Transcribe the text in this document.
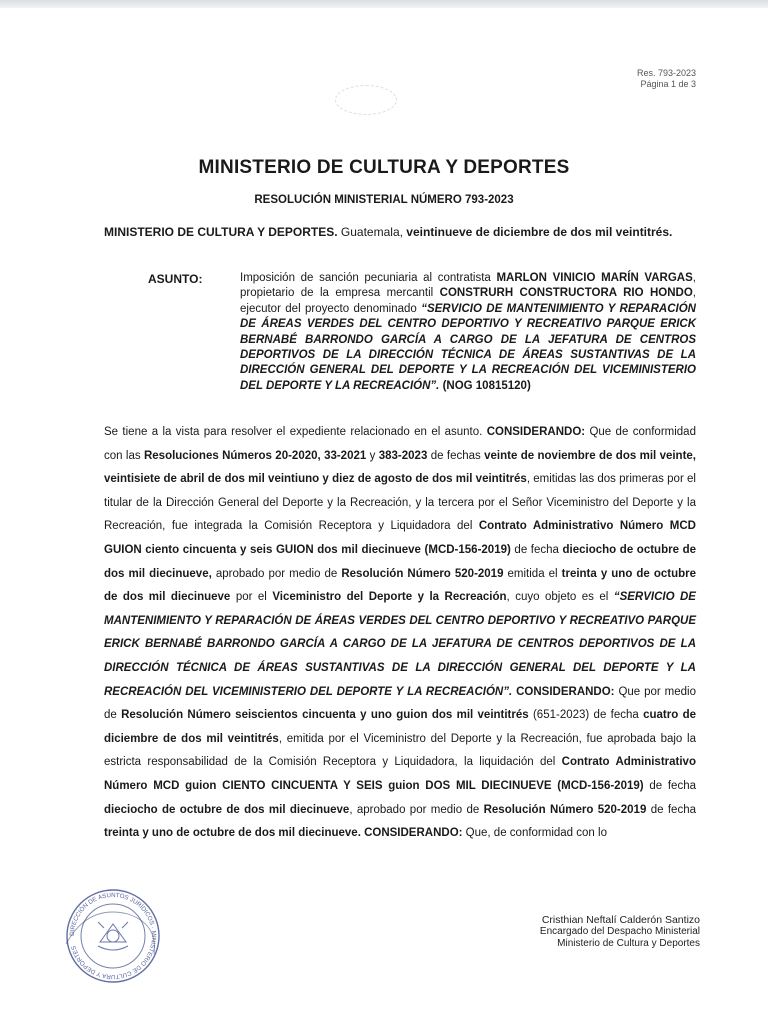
Res. 793-2023
Página 1 de 3
MINISTERIO DE CULTURA Y DEPORTES
RESOLUCIÓN MINISTERIAL NÚMERO 793-2023
MINISTERIO DE CULTURA Y DEPORTES. Guatemala, veintinueve de diciembre de dos mil veintitrés.
ASUNTO:	Imposición de sanción pecuniaria al contratista MARLON VINICIO MARÍN VARGAS, propietario de la empresa mercantil CONSTRURH CONSTRUCTORA RIO HONDO, ejecutor del proyecto denominado “SERVICIO DE MANTENIMIENTO Y REPARACIÓN DE ÁREAS VERDES DEL CENTRO DEPORTIVO Y RECREATIVO PARQUE ERICK BERNABÉ BARRONDO GARCÍA A CARGO DE LA JEFATURA DE CENTROS DEPORTIVOS DE LA DIRECCIÓN TÉCNICA DE ÁREAS SUSTANTIVAS DE LA DIRECCIÓN GENERAL DEL DEPORTE Y LA RECREACIÓN DEL VICEMINISTERIO DEL DEPORTE Y LA RECREACIÓN”. (NOG 10815120)
Se tiene a la vista para resolver el expediente relacionado en el asunto. CONSIDERANDO: Que de conformidad con las Resoluciones Números 20-2020, 33-2021 y 383-2023 de fechas veinte de noviembre de dos mil veinte, veintisiete de abril de dos mil veintiuno y diez de agosto de dos mil veintitrés, emitidas las dos primeras por el titular de la Dirección General del Deporte y la Recreación, y la tercera por el Señor Viceministro del Deporte y la Recreación, fue integrada la Comisión Receptora y Liquidadora del Contrato Administrativo Número MCD GUION ciento cincuenta y seis GUION dos mil diecinueve (MCD-156-2019) de fecha dieciocho de octubre de dos mil diecinueve, aprobado por medio de Resolución Número 520-2019 emitida el treinta y uno de octubre de dos mil diecinueve por el Viceministro del Deporte y la Recreación, cuyo objeto es el “SERVICIO DE MANTENIMIENTO Y REPARACIÓN DE ÁREAS VERDES DEL CENTRO DEPORTIVO Y RECREATIVO PARQUE ERICK BERNABÉ BARRONDO GARCÍA A CARGO DE LA JEFATURA DE CENTROS DEPORTIVOS DE LA DIRECCIÓN TÉCNICA DE ÁREAS SUSTANTIVAS DE LA DIRECCIÓN GENERAL DEL DEPORTE Y LA RECREACIÓN DEL VICEMINISTERIO DEL DEPORTE Y LA RECREACIÓN”. CONSIDERANDO: Que por medio de Resolución Número seiscientos cincuenta y uno guion dos mil veintitrés (651-2023) de fecha cuatro de diciembre de dos mil veintitrés, emitida por el Viceministro del Deporte y la Recreación, fue aprobada bajo la estricta responsabilidad de la Comisión Receptora y Liquidadora, la liquidación del Contrato Administrativo Número MCD guion CIENTO CINCUENTA Y SEIS guion DOS MIL DIECINUEVE (MCD-156-2019) de fecha dieciocho de octubre de dos mil diecinueve, aprobado por medio de Resolución Número 520-2019 de fecha treinta y uno de octubre de dos mil diecinueve. CONSIDERANDO: Que, de conformidad con lo
DIRECCIÓN DE ASUNTOS JURÍDICOS · MINISTERIO DE CULTURA Y DEPORTES
Cristhian Neftalí Calderón Santizo
Encargado del Despacho Ministerial
Ministerio de Cultura y Deportes
